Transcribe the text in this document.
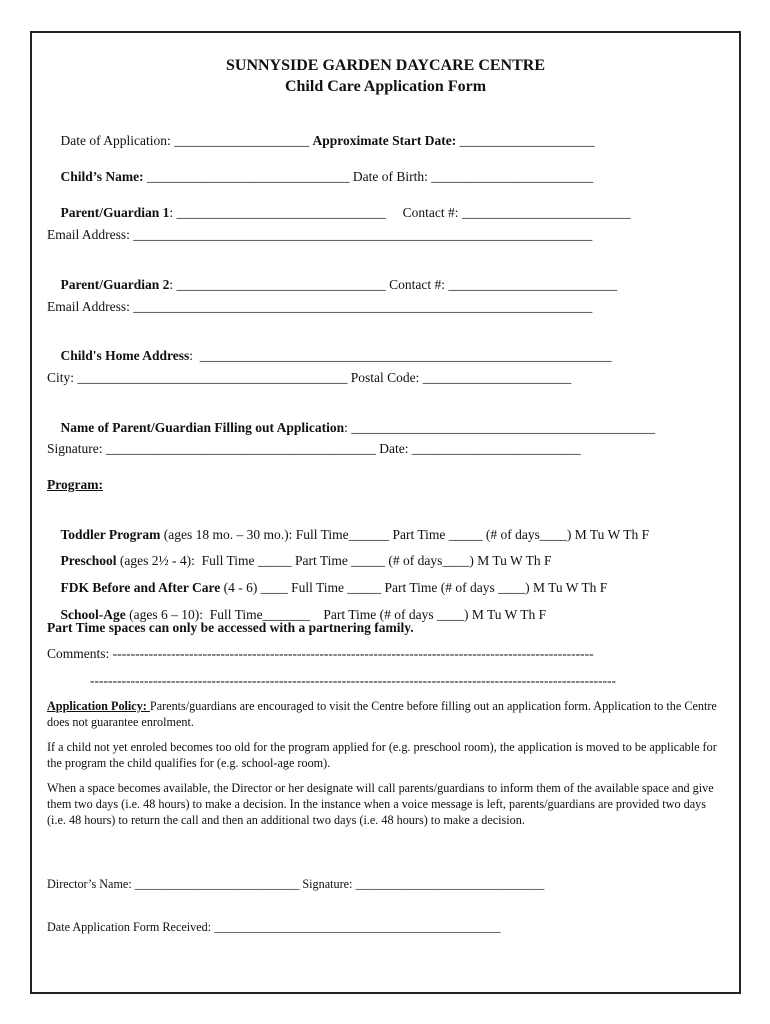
SUNNYSIDE GARDEN DAYCARE CENTRE
Child Care Application Form

Date of Application: ____________________ Approximate Start Date: ____________________

Child’s Name: ______________________________ Date of Birth: ________________________

Parent/Guardian 1: _______________________________     Contact #: _________________________

Email Address: ____________________________________________________________________

Parent/Guardian 2: _______________________________ Contact #: _________________________

Email Address: ____________________________________________________________________

Child's Home Address:  _____________________________________________________________

City: ________________________________________ Postal Code: ______________________

Name of Parent/Guardian Filling out Application: _____________________________________________

Signature: ________________________________________ Date: _________________________
Program:

Toddler Program (ages 18 mo. – 30 mo.): Full Time______ Part Time _____ (# of days____) M Tu W Th F

Preschool (ages 2½ - 4):  Full Time _____ Part Time _____ (# of days____) M Tu W Th F

FDK Before and After Care (4 - 6) ____ Full Time _____ Part Time (# of days ____) M Tu W Th F

School-Age (ages 6 – 10):  Full Time_______    Part Time (# of days ____) M Tu W Th F

Part Time spaces can only be accessed with a partnering family.
Comments: -----------------------------------------------------------------------------------------------------------
---------------------------------------------------------------------------------------------------------------------
Application Policy: Parents/guardians are encouraged to visit the Centre before filling out an application form. Application to the Centre does not guarantee enrolment.
If a child not yet enroled becomes too old for the program applied for (e.g. preschool room), the application is moved to be applicable for the program the child qualifies for (e.g. school-age room).
When a space becomes available, the Director or her designate will call parents/guardians to inform them of the available space and give them two days (i.e. 48 hours) to make a decision. In the instance when a voice message is left, parents/guardians are provided two days (i.e. 48 hours) to return the call and then an additional two days (i.e. 48 hours) to make a decision.
Director’s Name: ___________________________ Signature: _______________________________
Date Application Form Received: _______________________________________________
